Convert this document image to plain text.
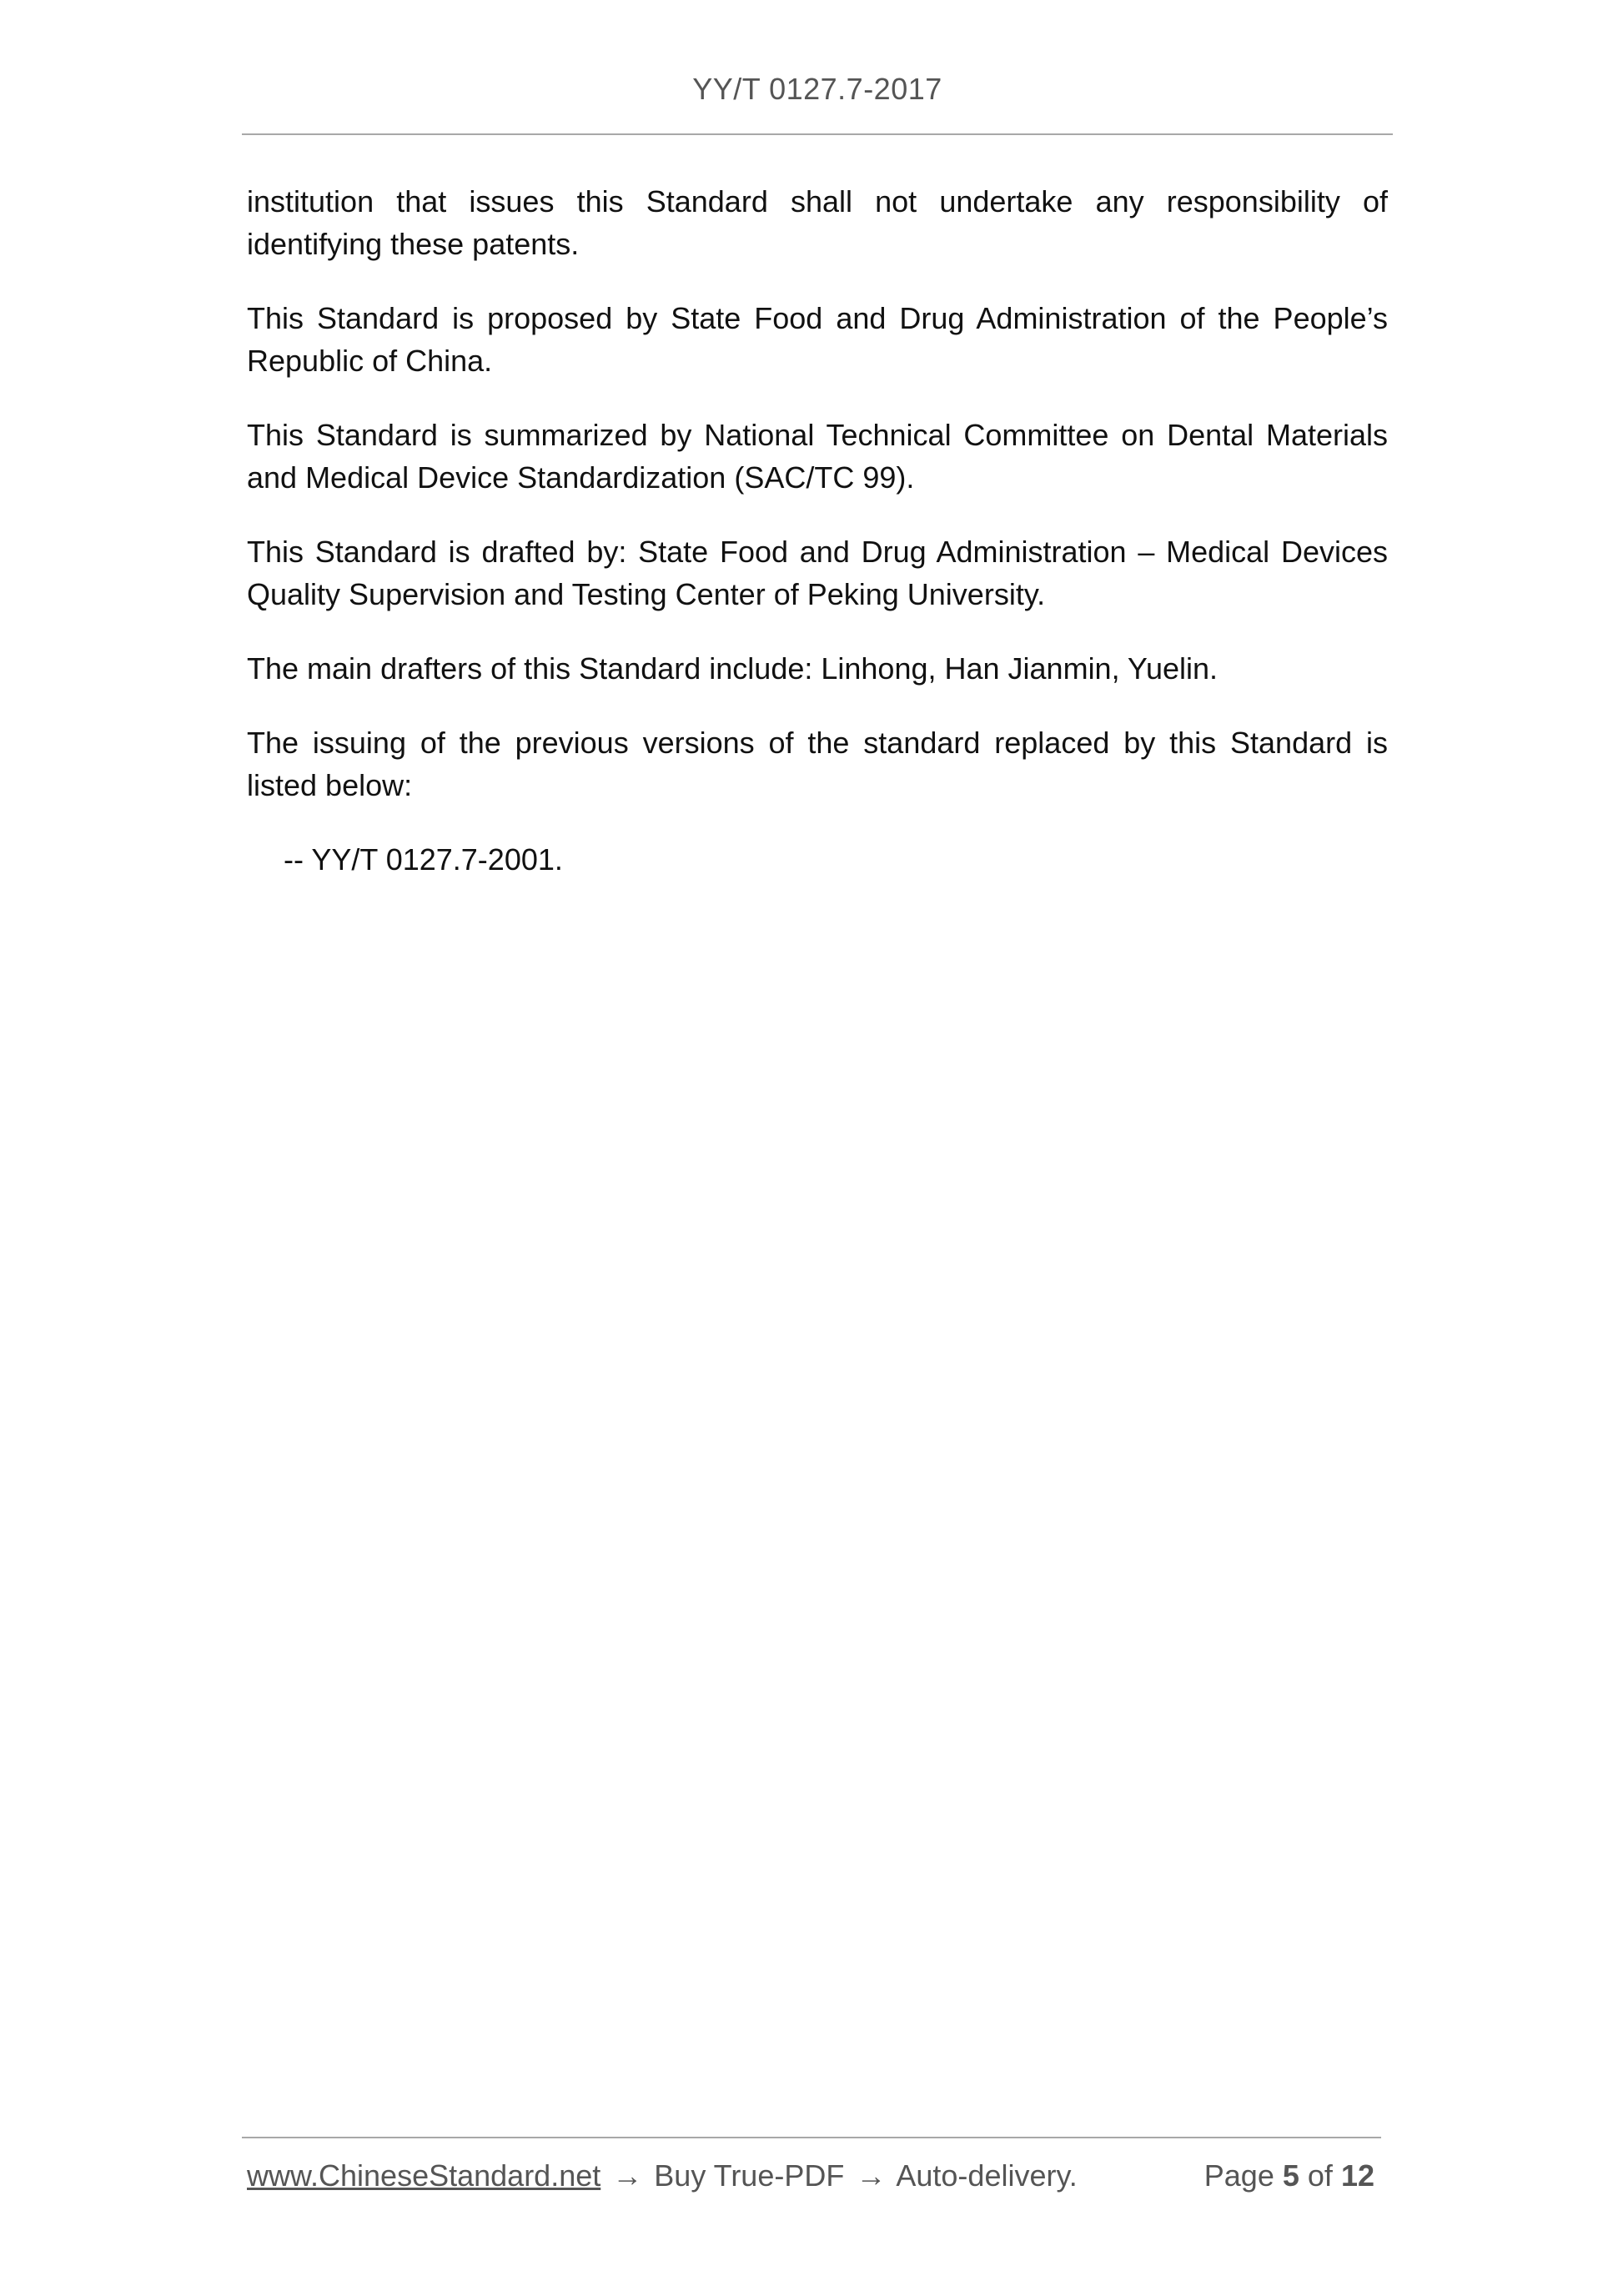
YY/T 0127.7-2017

institution that issues this Standard shall not undertake any responsibility of identifying these patents.

This Standard is proposed by State Food and Drug Administration of the People’s Republic of China.

This Standard is summarized by National Technical Committee on Dental Materials and Medical Device Standardization (SAC/TC 99).

This Standard is drafted by: State Food and Drug Administration – Medical Devices Quality Supervision and Testing Center of Peking University.

The main drafters of this Standard include: Linhong, Han Jianmin, Yuelin.

The issuing of the previous versions of the standard replaced by this Standard is listed below:

-- YY/T 0127.7-2001.

www.ChineseStandard.net → Buy True-PDF → Auto-delivery.	Page 5 of 12
